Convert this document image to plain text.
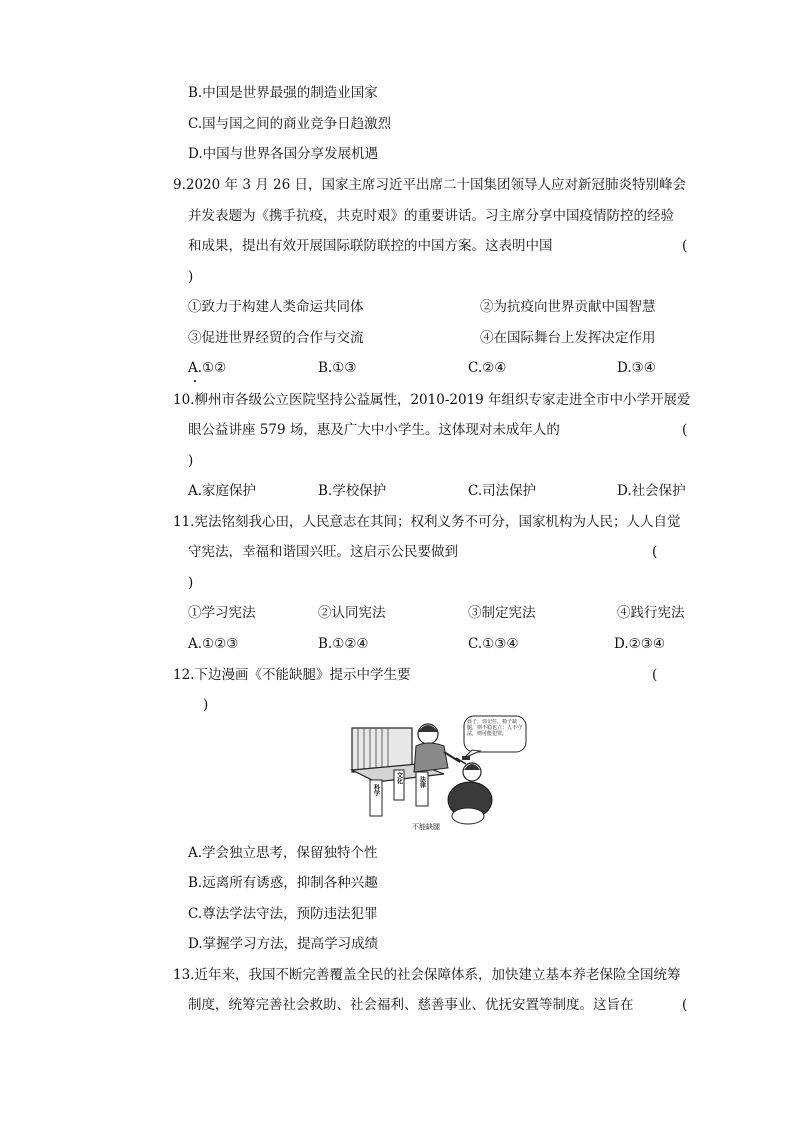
B.中国是世界最强的制造业国家
C.国与国之间的商业竞争日趋激烈
D.中国与世界各国分享发展机遇
9.2020 年 3 月 26 日，国家主席习近平出席二十国集团领导人应对新冠肺炎特别峰会
并发表题为《携手抗疫，共克时艰》的重要讲话。习主席分享中国疫情防控的经验
和成果，提出有效开展国际联防联控的中国方案。这表明中国	(
)
①致力于构建人类命运共同体	②为抗疫向世界贡献中国智慧
③促进世界经贸的合作与交流	④在国际舞台上发挥决定作用
A.①②	B.①③	C.②④	D.③④
10.柳州市各级公立医院坚持公益属性，2010-2019 年组织专家走进全市中小学开展爱
眼公益讲座 579 场，惠及广大中小学生。这体现对未成年人的	(
)
A.家庭保护	B.学校保护	C.司法保护	D.社会保护
11.宪法铭刻我心田，人民意志在其间；权利义务不可分，国家机构为人民；人人自觉
守宪法，幸福和谐国兴旺。这启示公民要做到	(
)
①学习宪法	②认同宪法	③制定宪法	④践行宪法
A.①②③	B.①②④	C.①③④	D.②③④
12.下边漫画《不能缺腿》提示中学生要	(
)
孩子，你记住，椅子缺腿，则不稳也立；人不守法，则可能犯罪。
科学
文化	法律
不能缺腿
A.学会独立思考，保留独特个性
B.远离所有诱惑，抑制各种兴趣
C.尊法学法守法，预防违法犯罪
D.掌握学习方法，提高学习成绩
13.近年来，我国不断完善覆盖全民的社会保障体系，加快建立基本养老保险全国统筹
制度，统筹完善社会救助、社会福利、慈善事业、优抚安置等制度。这旨在	(
